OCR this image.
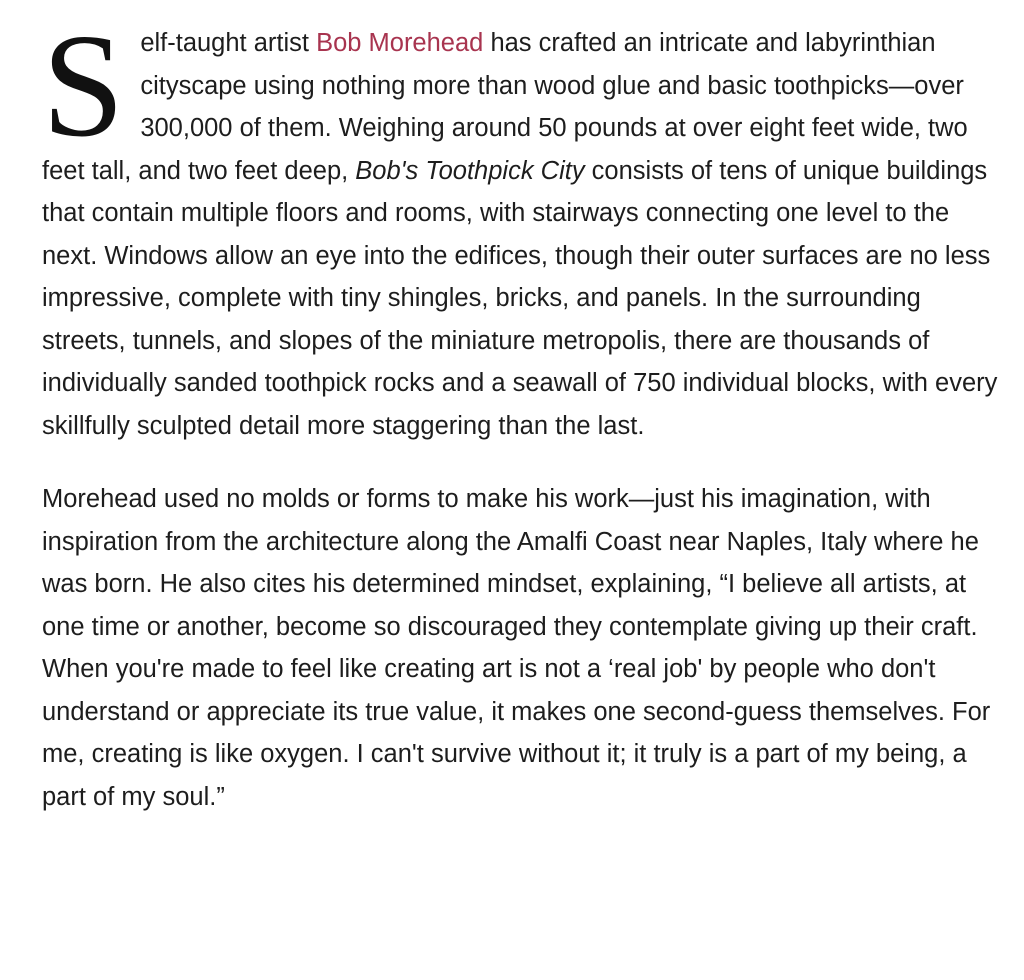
Self-taught artist Bob Morehead has crafted an intricate and labyrinthian cityscape using nothing more than wood glue and basic toothpicks—over 300,000 of them. Weighing around 50 pounds at over eight feet wide, two feet tall, and two feet deep, Bob's Toothpick City consists of tens of unique buildings that contain multiple floors and rooms, with stairways connecting one level to the next. Windows allow an eye into the edifices, though their outer surfaces are no less impressive, complete with tiny shingles, bricks, and panels. In the surrounding streets, tunnels, and slopes of the miniature metropolis, there are thousands of individually sanded toothpick rocks and a seawall of 750 individual blocks, with every skillfully sculpted detail more staggering than the last.

Morehead used no molds or forms to make his work—just his imagination, with inspiration from the architecture along the Amalfi Coast near Naples, Italy where he was born. He also cites his determined mindset, explaining, “I believe all artists, at one time or another, become so discouraged they contemplate giving up their craft. When you're made to feel like creating art is not a ‘real job' by people who don't understand or appreciate its true value, it makes one second-guess themselves. For me, creating is like oxygen. I can't survive without it; it truly is a part of my being, a part of my soul.”
